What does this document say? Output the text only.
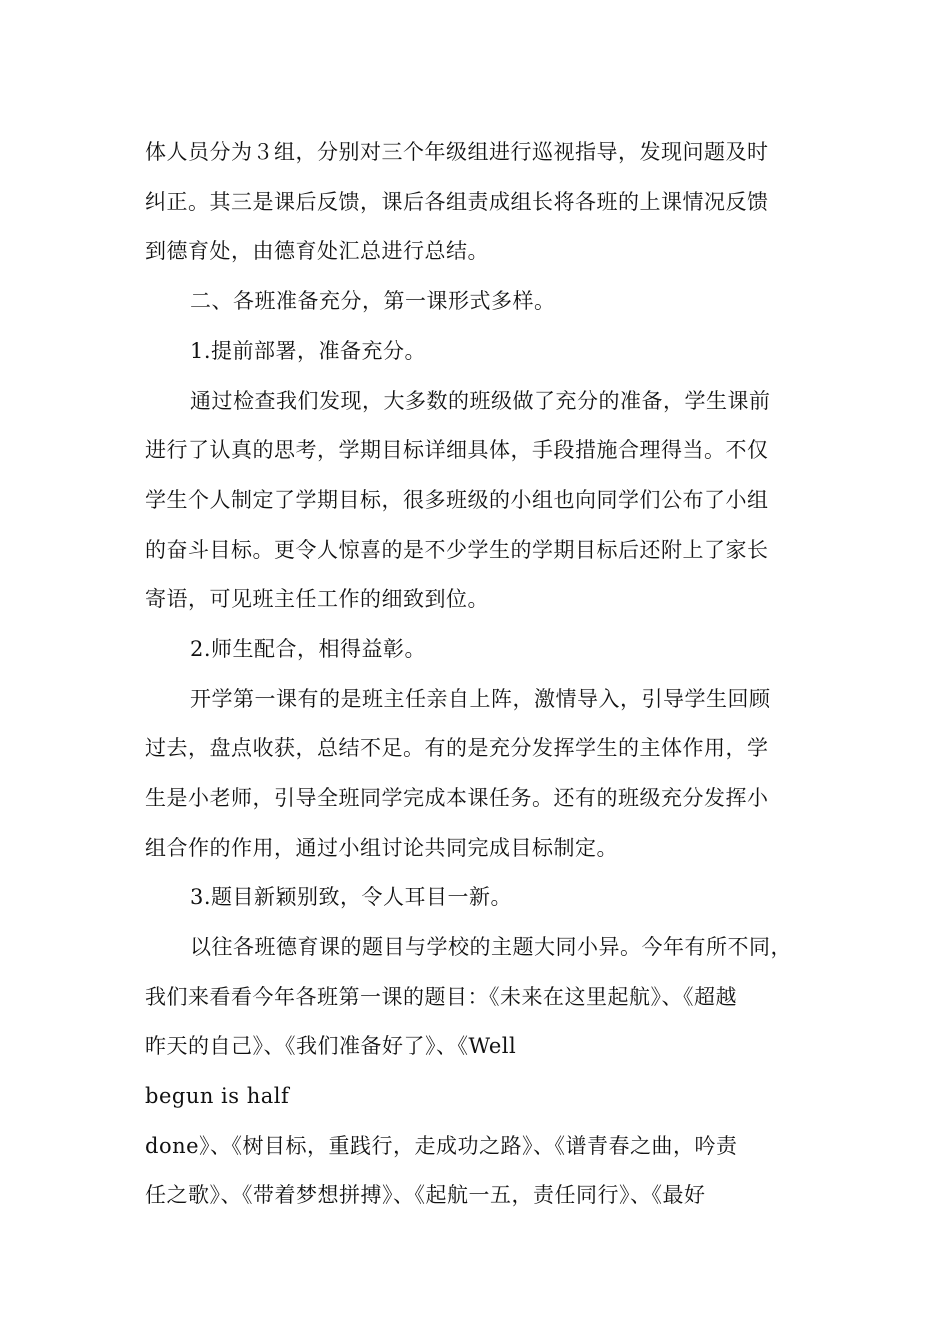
体人员分为３组，分别对三个年级组进行巡视指导，发现问题及时
纠正。其三是课后反馈，课后各组责成组长将各班的上课情况反馈
到德育处，由德育处汇总进行总结。
二、各班准备充分，第一课形式多样。
1.提前部署，准备充分。
通过检查我们发现，大多数的班级做了充分的准备，学生课前
进行了认真的思考，学期目标详细具体，手段措施合理得当。不仅
学生个人制定了学期目标，很多班级的小组也向同学们公布了小组
的奋斗目标。更令人惊喜的是不少学生的学期目标后还附上了家长
寄语，可见班主任工作的细致到位。
2.师生配合，相得益彰。
开学第一课有的是班主任亲自上阵，激情导入，引导学生回顾
过去，盘点收获，总结不足。有的是充分发挥学生的主体作用，学
生是小老师，引导全班同学完成本课任务。还有的班级充分发挥小
组合作的作用，通过小组讨论共同完成目标制定。
3.题目新颖别致，令人耳目一新。
以往各班德育课的题目与学校的主题大同小异。今年有所不同，
我们来看看今年各班第一课的题目：《未来在这里起航》、《超越
昨天的自己》、《我们准备好了》、《Well
begun is half
done》、《树目标，重践行，走成功之路》、《谱青春之曲，吟责
任之歌》、《带着梦想拼搏》、《起航一五，责任同行》、《最好
